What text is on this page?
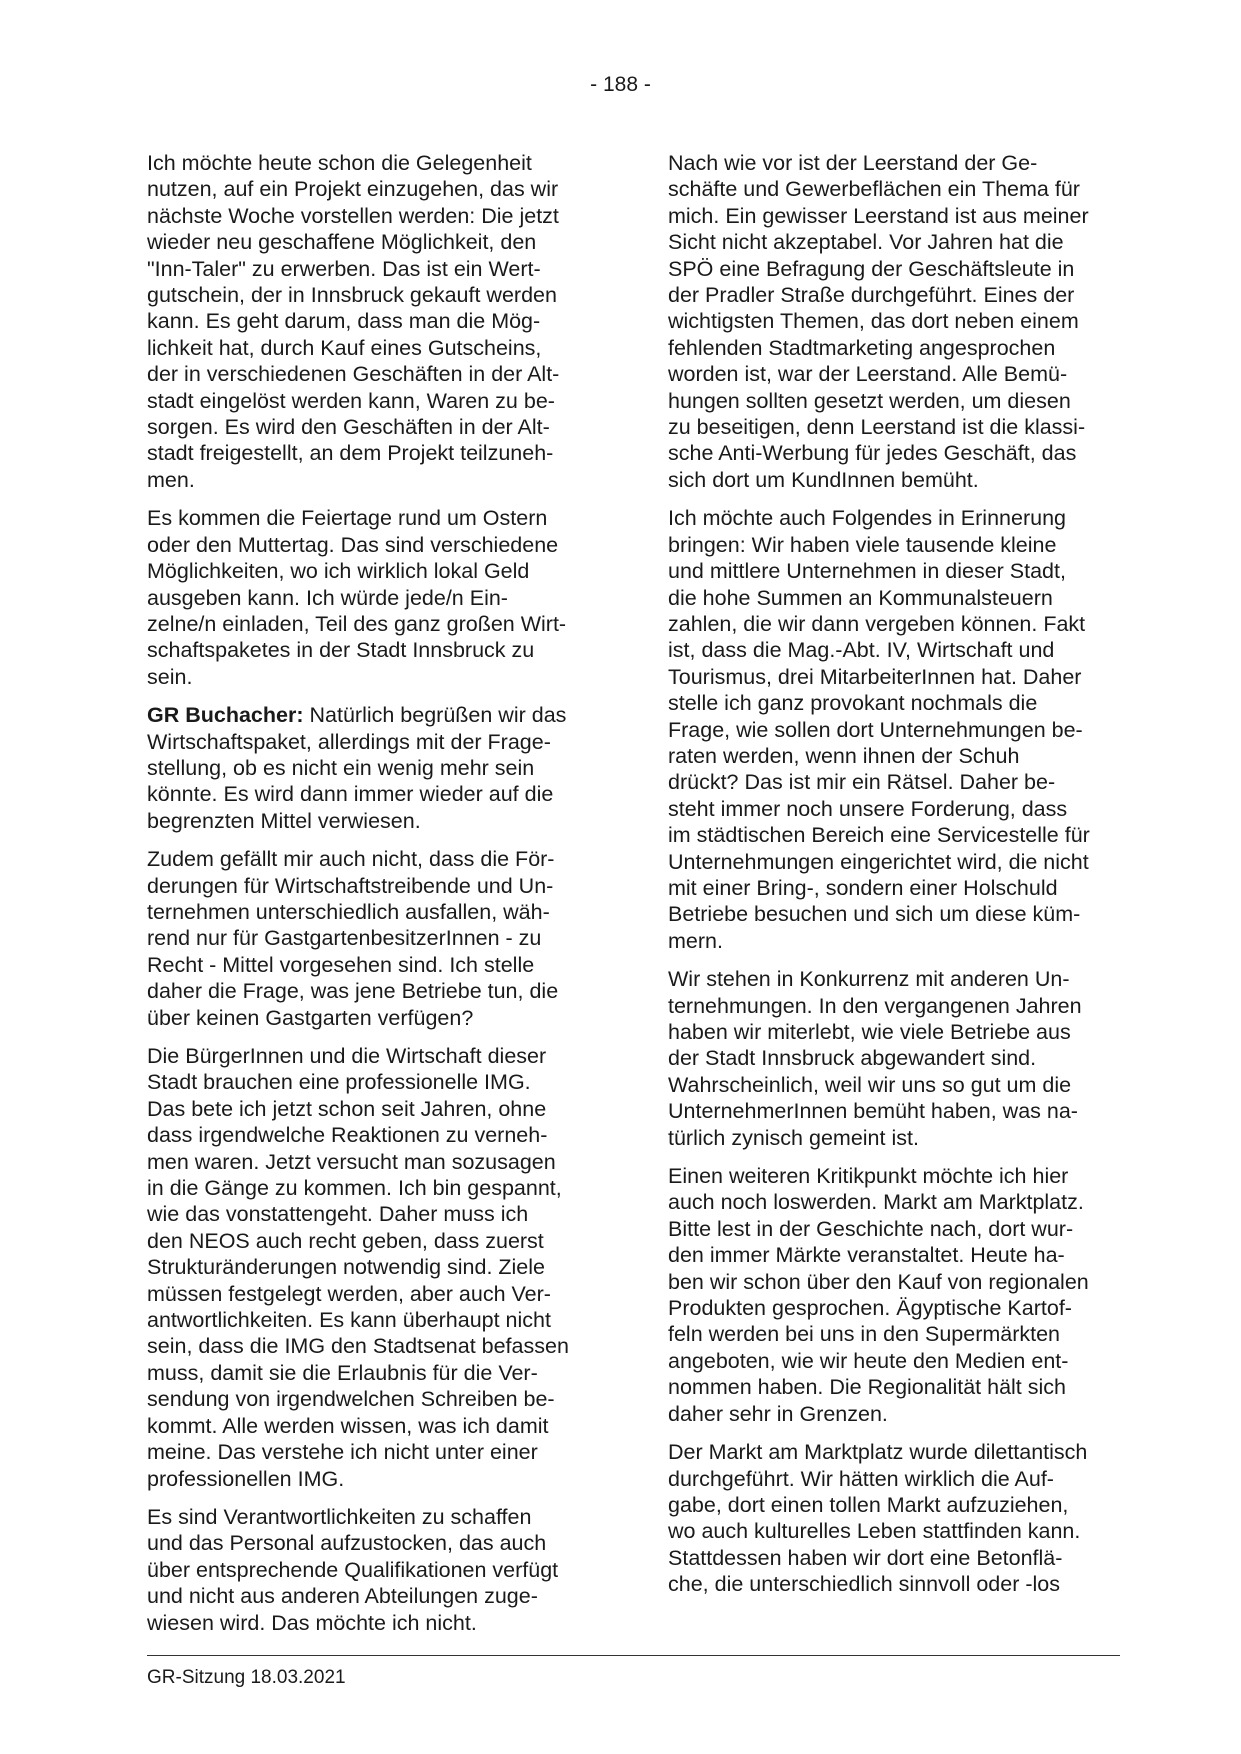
- 188 -

Ich möchte heute schon die Gelegenheit
nutzen, auf ein Projekt einzugehen, das wir
nächste Woche vorstellen werden: Die jetzt
wieder neu geschaffene Möglichkeit, den
"Inn-Taler" zu erwerben. Das ist ein Wert-
gutschein, der in Innsbruck gekauft werden
kann. Es geht darum, dass man die Mög-
lichkeit hat, durch Kauf eines Gutscheins,
der in verschiedenen Geschäften in der Alt-
stadt eingelöst werden kann, Waren zu be-
sorgen. Es wird den Geschäften in der Alt-
stadt freigestellt, an dem Projekt teilzuneh-
men.

Es kommen die Feiertage rund um Ostern
oder den Muttertag. Das sind verschiedene
Möglichkeiten, wo ich wirklich lokal Geld
ausgeben kann. Ich würde jede/n Ein-
zelne/n einladen, Teil des ganz großen Wirt-
schaftspaketes in der Stadt Innsbruck zu
sein.

GR Buchacher: Natürlich begrüßen wir das
Wirtschaftspaket, allerdings mit der Frage-
stellung, ob es nicht ein wenig mehr sein
könnte. Es wird dann immer wieder auf die
begrenzten Mittel verwiesen.

Zudem gefällt mir auch nicht, dass die För-
derungen für Wirtschaftstreibende und Un-
ternehmen unterschiedlich ausfallen, wäh-
rend nur für GastgartenbesitzerInnen - zu
Recht - Mittel vorgesehen sind. Ich stelle
daher die Frage, was jene Betriebe tun, die
über keinen Gastgarten verfügen?

Die BürgerInnen und die Wirtschaft dieser
Stadt brauchen eine professionelle IMG.
Das bete ich jetzt schon seit Jahren, ohne
dass irgendwelche Reaktionen zu verneh-
men waren. Jetzt versucht man sozusagen
in die Gänge zu kommen. Ich bin gespannt,
wie das vonstattengeht. Daher muss ich
den NEOS auch recht geben, dass zuerst
Strukturänderungen notwendig sind. Ziele
müssen festgelegt werden, aber auch Ver-
antwortlichkeiten. Es kann überhaupt nicht
sein, dass die IMG den Stadtsenat befassen
muss, damit sie die Erlaubnis für die Ver-
sendung von irgendwelchen Schreiben be-
kommt. Alle werden wissen, was ich damit
meine. Das verstehe ich nicht unter einer
professionellen IMG.

Es sind Verantwortlichkeiten zu schaffen
und das Personal aufzustocken, das auch
über entsprechende Qualifikationen verfügt
und nicht aus anderen Abteilungen zuge-
wiesen wird. Das möchte ich nicht.

Nach wie vor ist der Leerstand der Ge-
schäfte und Gewerbeflächen ein Thema für
mich. Ein gewisser Leerstand ist aus meiner
Sicht nicht akzeptabel. Vor Jahren hat die
SPÖ eine Befragung der Geschäftsleute in
der Pradler Straße durchgeführt. Eines der
wichtigsten Themen, das dort neben einem
fehlenden Stadtmarketing angesprochen
worden ist, war der Leerstand. Alle Bemü-
hungen sollten gesetzt werden, um diesen
zu beseitigen, denn Leerstand ist die klassi-
sche Anti-Werbung für jedes Geschäft, das
sich dort um KundInnen bemüht.

Ich möchte auch Folgendes in Erinnerung
bringen: Wir haben viele tausende kleine
und mittlere Unternehmen in dieser Stadt,
die hohe Summen an Kommunalsteuern
zahlen, die wir dann vergeben können. Fakt
ist, dass die Mag.-Abt. IV, Wirtschaft und
Tourismus, drei MitarbeiterInnen hat. Daher
stelle ich ganz provokant nochmals die
Frage, wie sollen dort Unternehmungen be-
raten werden, wenn ihnen der Schuh
drückt? Das ist mir ein Rätsel. Daher be-
steht immer noch unsere Forderung, dass
im städtischen Bereich eine Servicestelle für
Unternehmungen eingerichtet wird, die nicht
mit einer Bring-, sondern einer Holschuld
Betriebe besuchen und sich um diese küm-
mern.

Wir stehen in Konkurrenz mit anderen Un-
ternehmungen. In den vergangenen Jahren
haben wir miterlebt, wie viele Betriebe aus
der Stadt Innsbruck abgewandert sind.
Wahrscheinlich, weil wir uns so gut um die
UnternehmerInnen bemüht haben, was na-
türlich zynisch gemeint ist.

Einen weiteren Kritikpunkt möchte ich hier
auch noch loswerden. Markt am Marktplatz.
Bitte lest in der Geschichte nach, dort wur-
den immer Märkte veranstaltet. Heute ha-
ben wir schon über den Kauf von regionalen
Produkten gesprochen. Ägyptische Kartof-
feln werden bei uns in den Supermärkten
angeboten, wie wir heute den Medien ent-
nommen haben. Die Regionalität hält sich
daher sehr in Grenzen.

Der Markt am Marktplatz wurde dilettantisch
durchgeführt. Wir hätten wirklich die Auf-
gabe, dort einen tollen Markt aufzuziehen,
wo auch kulturelles Leben stattfinden kann.
Stattdessen haben wir dort eine Betonflä-
che, die unterschiedlich sinnvoll oder -los

GR-Sitzung 18.03.2021
